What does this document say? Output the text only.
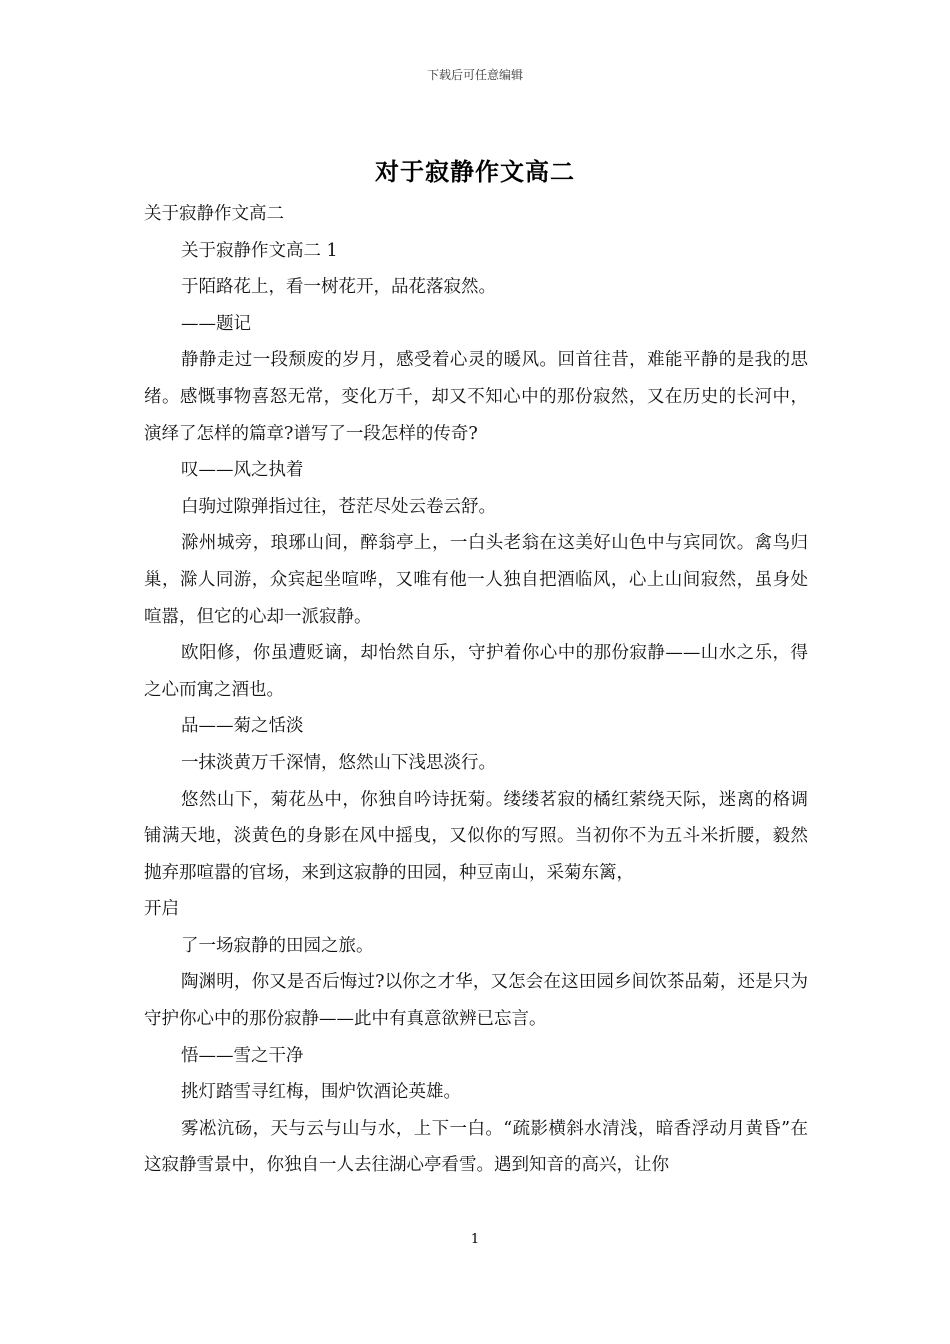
下载后可任意编辑
对于寂静作文高二

关于寂静作文高二

关于寂静作文高二 1

于陌路花上，看一树花开，品花落寂然。

——题记

静静走过一段颓废的岁月，感受着心灵的暖风。回首往昔，难能平静的是我的思绪。感慨事物喜怒无常，变化万千，却又不知心中的那份寂然，又在历史的长河中，演绎了怎样的篇章?谱写了一段怎样的传奇?

叹——风之执着

白驹过隙弹指过往，苍茫尽处云卷云舒。

滁州城旁，琅琊山间，醉翁亭上，一白头老翁在这美好山色中与宾同饮。禽鸟归巢，滁人同游，众宾起坐喧哗，又唯有他一人独自把酒临风，心上山间寂然，虽身处喧嚣，但它的心却一派寂静。

欧阳修，你虽遭贬谪，却怡然自乐，守护着你心中的那份寂静——山水之乐，得之心而寓之酒也。

品——菊之恬淡

一抹淡黄万千深情，悠然山下浅思淡行。

悠然山下，菊花丛中，你独自吟诗抚菊。缕缕茗寂的橘红萦绕天际，迷离的格调铺满天地，淡黄色的身影在风中摇曳，又似你的写照。当初你不为五斗米折腰，毅然抛弃那喧嚣的官场，来到这寂静的田园，种豆南山，采菊东篱，

开启

了一场寂静的田园之旅。

陶渊明，你又是否后悔过?以你之才华，又怎会在这田园乡间饮茶品菊，还是只为守护你心中的那份寂静——此中有真意欲辨已忘言。

悟——雪之干净

挑灯踏雪寻红梅，围炉饮酒论英雄。

雾凇沆砀，天与云与山与水，上下一白。“疏影横斜水清浅，暗香浮动月黄昏”在这寂静雪景中，你独自一人去往湖心亭看雪。遇到知音的高兴，让你

1
